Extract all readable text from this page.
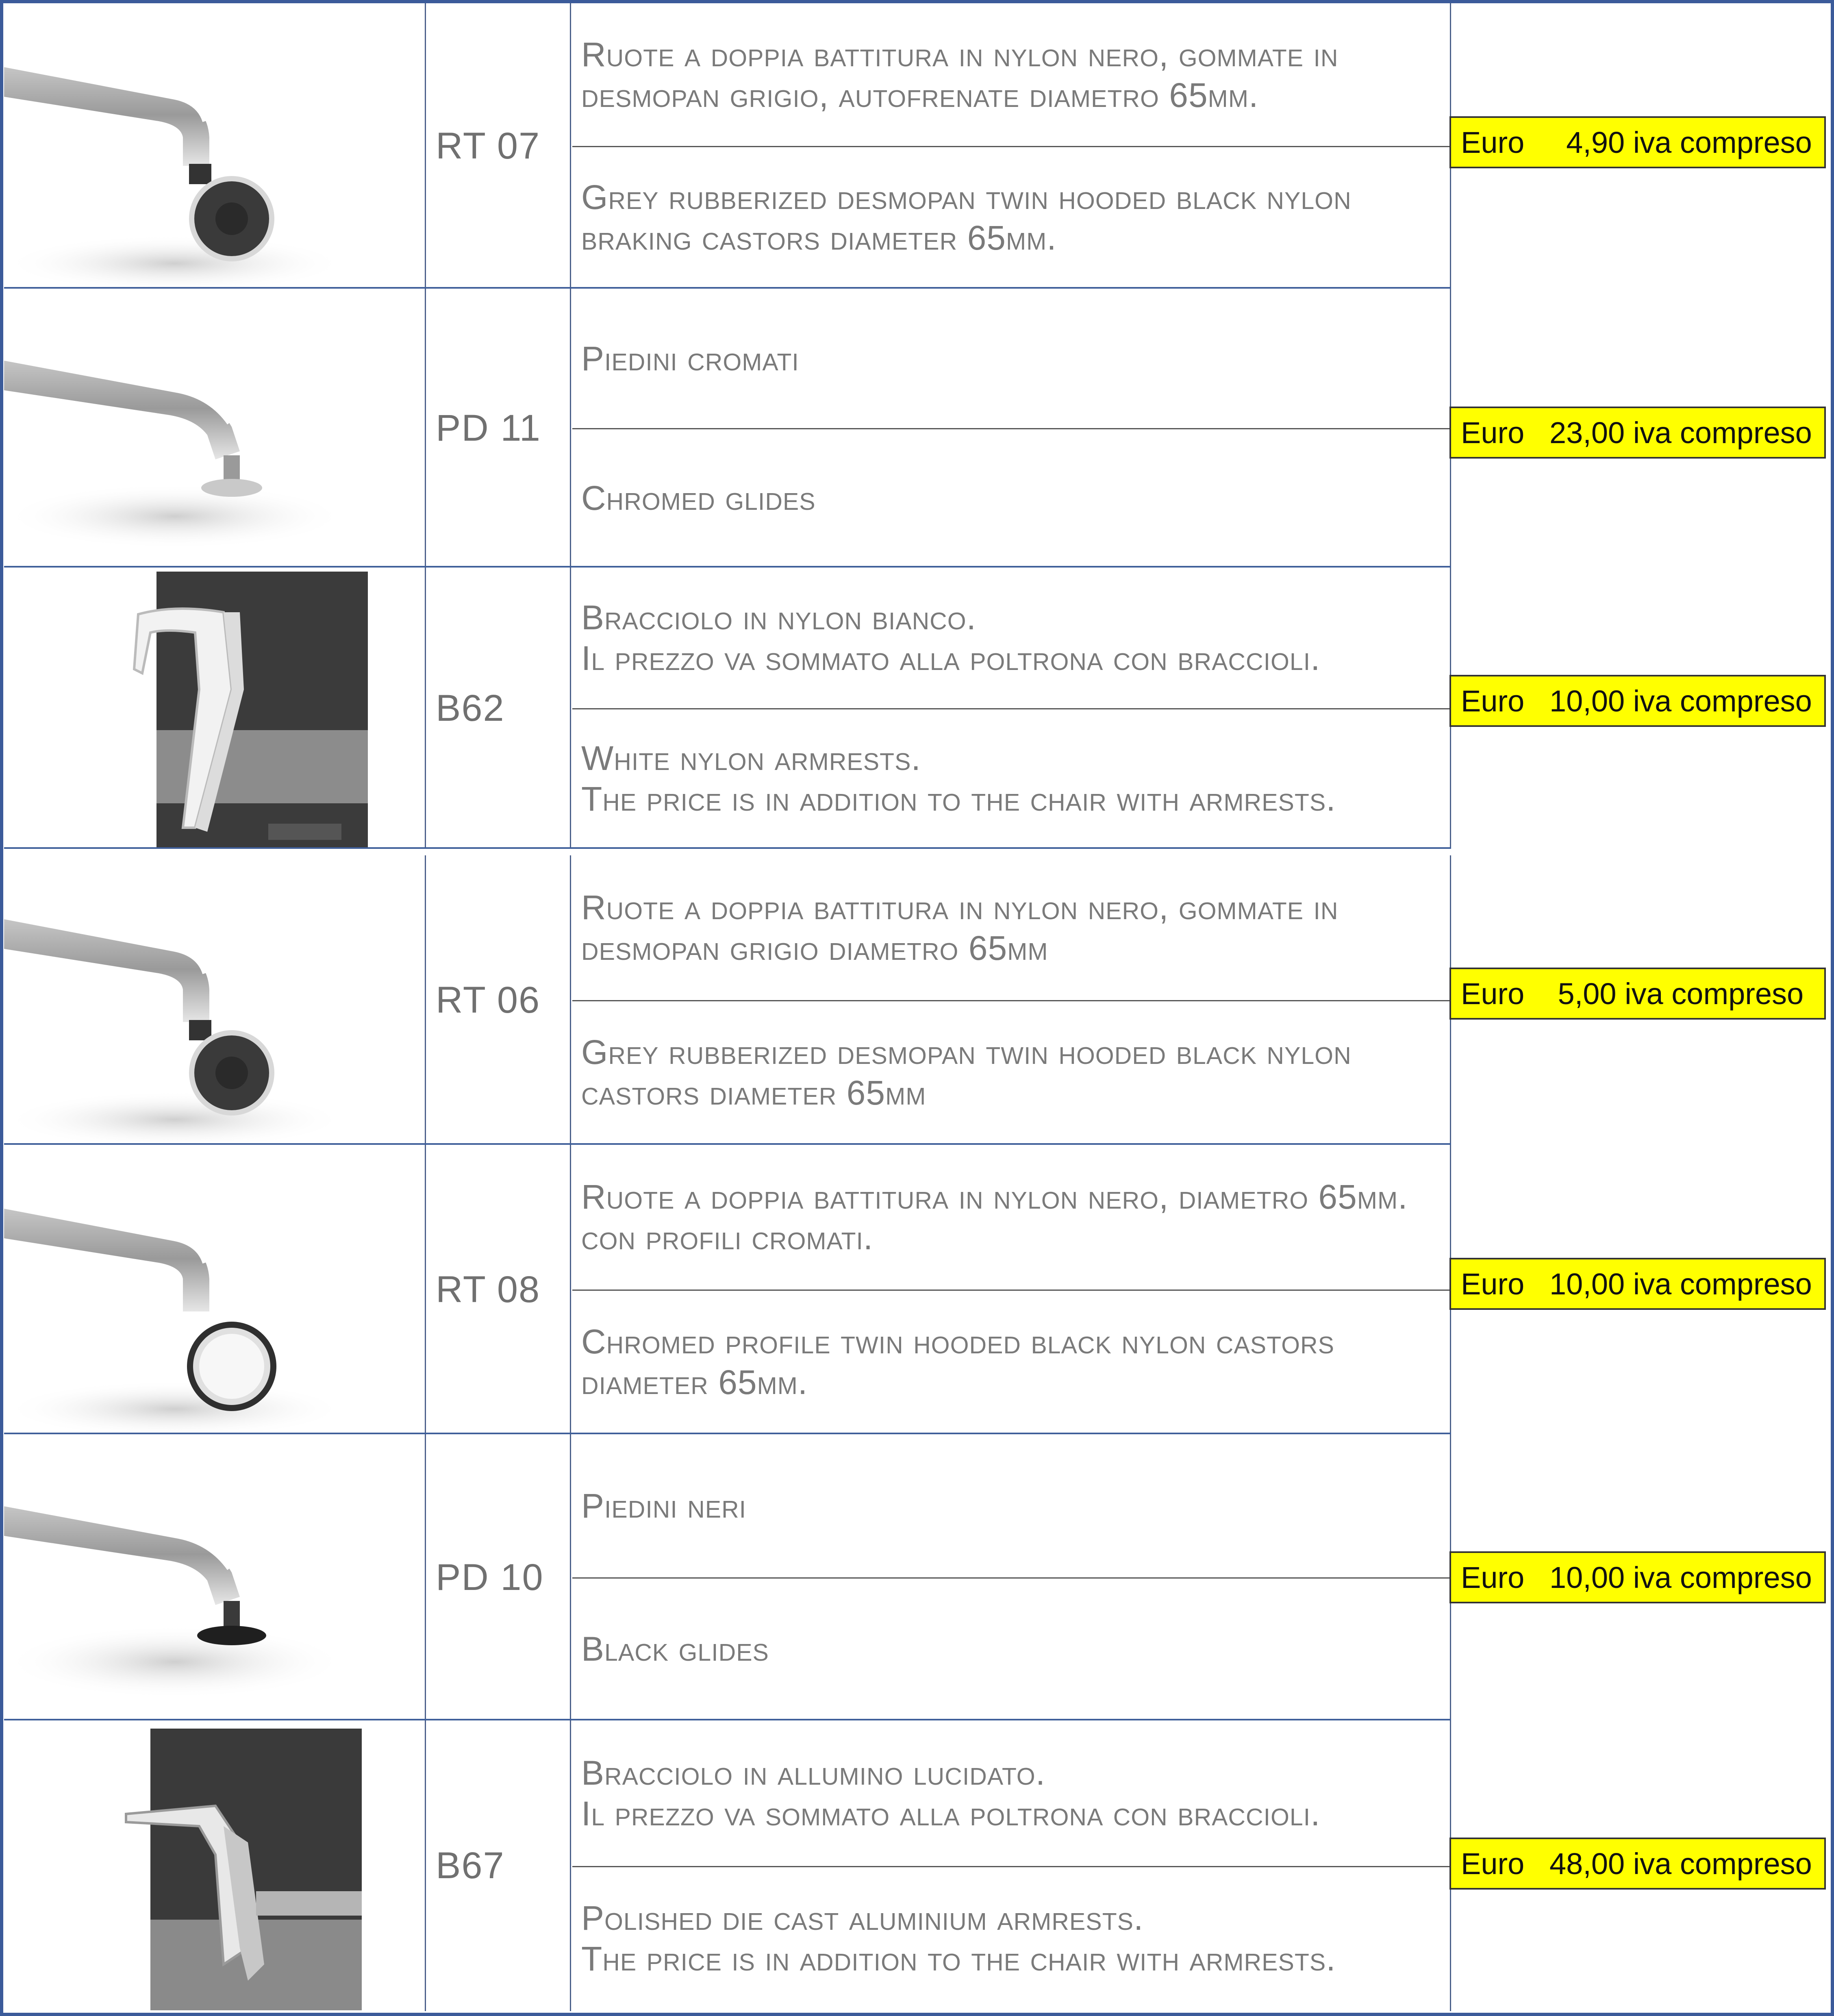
RT 07
Ruote a doppia battitura in nylon nero, gommate in desmopan grigio, autofrenate diametro 65mm.
Grey rubberized desmopan twin hooded black nylon braking castors diameter 65mm.
Euro     4,90 iva compreso
PD 11
Piedini cromati
Chromed glides
Euro   23,00 iva compreso
B62
Bracciolo in nylon bianco.
Il prezzo va sommato alla poltrona con braccioli.
White nylon armrests.
The price is in addition to the chair with armrests.
Euro   10,00 iva compreso
RT 06
Ruote a doppia battitura in nylon nero, gommate in desmopan grigio diametro 65mm
Grey rubberized desmopan twin hooded black nylon castors diameter 65mm
Euro    5,00 iva compreso
RT 08
Ruote a doppia battitura in nylon nero, diametro 65mm. con profili cromati.
Chromed profile twin hooded black nylon castors diameter 65mm.
Euro   10,00 iva compreso
PD 10
Piedini neri
Black glides
Euro   10,00 iva compreso
B67
Bracciolo in allumino lucidato.
Il prezzo va sommato alla poltrona con braccioli.
Polished die cast aluminium armrests.
The price is in addition to the chair with armrests.
Euro   48,00 iva compreso
